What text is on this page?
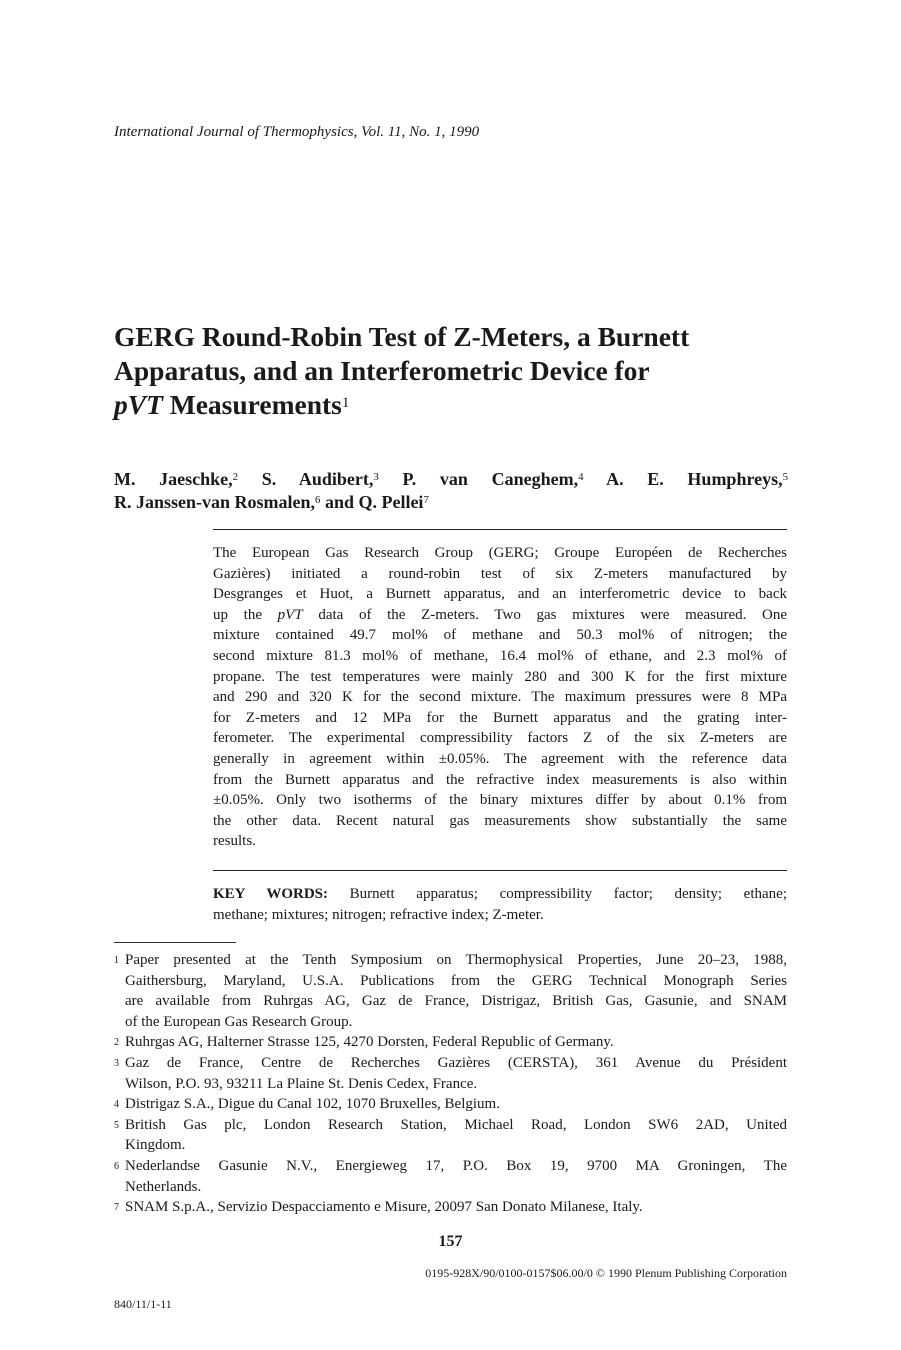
International Journal of Thermophysics, Vol. 11, No. 1, 1990
GERG Round-Robin Test of Z-Meters, a Burnett
Apparatus, and an Interferometric Device for
pVT Measurements$^1$
M. Jaeschke,$^2$ S. Audibert,$^3$ P. van Caneghem,$^4$ A. E. Humphreys,$^5$
R. Janssen-van Rosmalen,$^6$ and Q. Pellei$^7$
The European Gas Research Group (GERG; Groupe Européen de Recherches
Gazières) initiated a round-robin test of six Z-meters manufactured by
Desgranges et Huot, a Burnett apparatus, and an interferometric device to back
up the pVT data of the Z-meters. Two gas mixtures were measured. One
mixture contained 49.7 mol% of methane and 50.3 mol% of nitrogen; the
second mixture 81.3 mol% of methane, 16.4 mol% of ethane, and 2.3 mol% of
propane. The test temperatures were mainly 280 and 300 K for the first mixture
and 290 and 320 K for the second mixture. The maximum pressures were 8 MPa
for Z-meters and 12 MPa for the Burnett apparatus and the grating inter-
ferometer. The experimental compressibility factors Z of the six Z-meters are
generally in agreement within ±0.05%. The agreement with the reference data
from the Burnett apparatus and the refractive index measurements is also within
±0.05%. Only two isotherms of the binary mixtures differ by about 0.1% from
the other data. Recent natural gas measurements show substantially the same
results.
KEY WORDS: Burnett apparatus; compressibility factor; density; ethane;
methane; mixtures; nitrogen; refractive index; Z-meter.
1 Paper presented at the Tenth Symposium on Thermophysical Properties, June 20–23, 1988,
Gaithersburg, Maryland, U.S.A. Publications from the GERG Technical Monograph Series
are available from Ruhrgas AG, Gaz de France, Distrigaz, British Gas, Gasunie, and SNAM
of the European Gas Research Group.
2 Ruhrgas AG, Halterner Strasse 125, 4270 Dorsten, Federal Republic of Germany.
3 Gaz de France, Centre de Recherches Gazières (CERSTA), 361 Avenue du Président
Wilson, P.O. 93, 93211 La Plaine St. Denis Cedex, France.
4 Distrigaz S.A., Digue du Canal 102, 1070 Bruxelles, Belgium.
5 British Gas plc, London Research Station, Michael Road, London SW6 2AD, United
Kingdom.
6 Nederlandse Gasunie N.V., Energieweg 17, P.O. Box 19, 9700 MA Groningen, The
Netherlands.
7 SNAM S.p.A., Servizio Despacciamento e Misure, 20097 San Donato Milanese, Italy.
157
0195-928X/90/0100-0157$06.00/0 © 1990 Plenum Publishing Corporation
840/11/1-11
